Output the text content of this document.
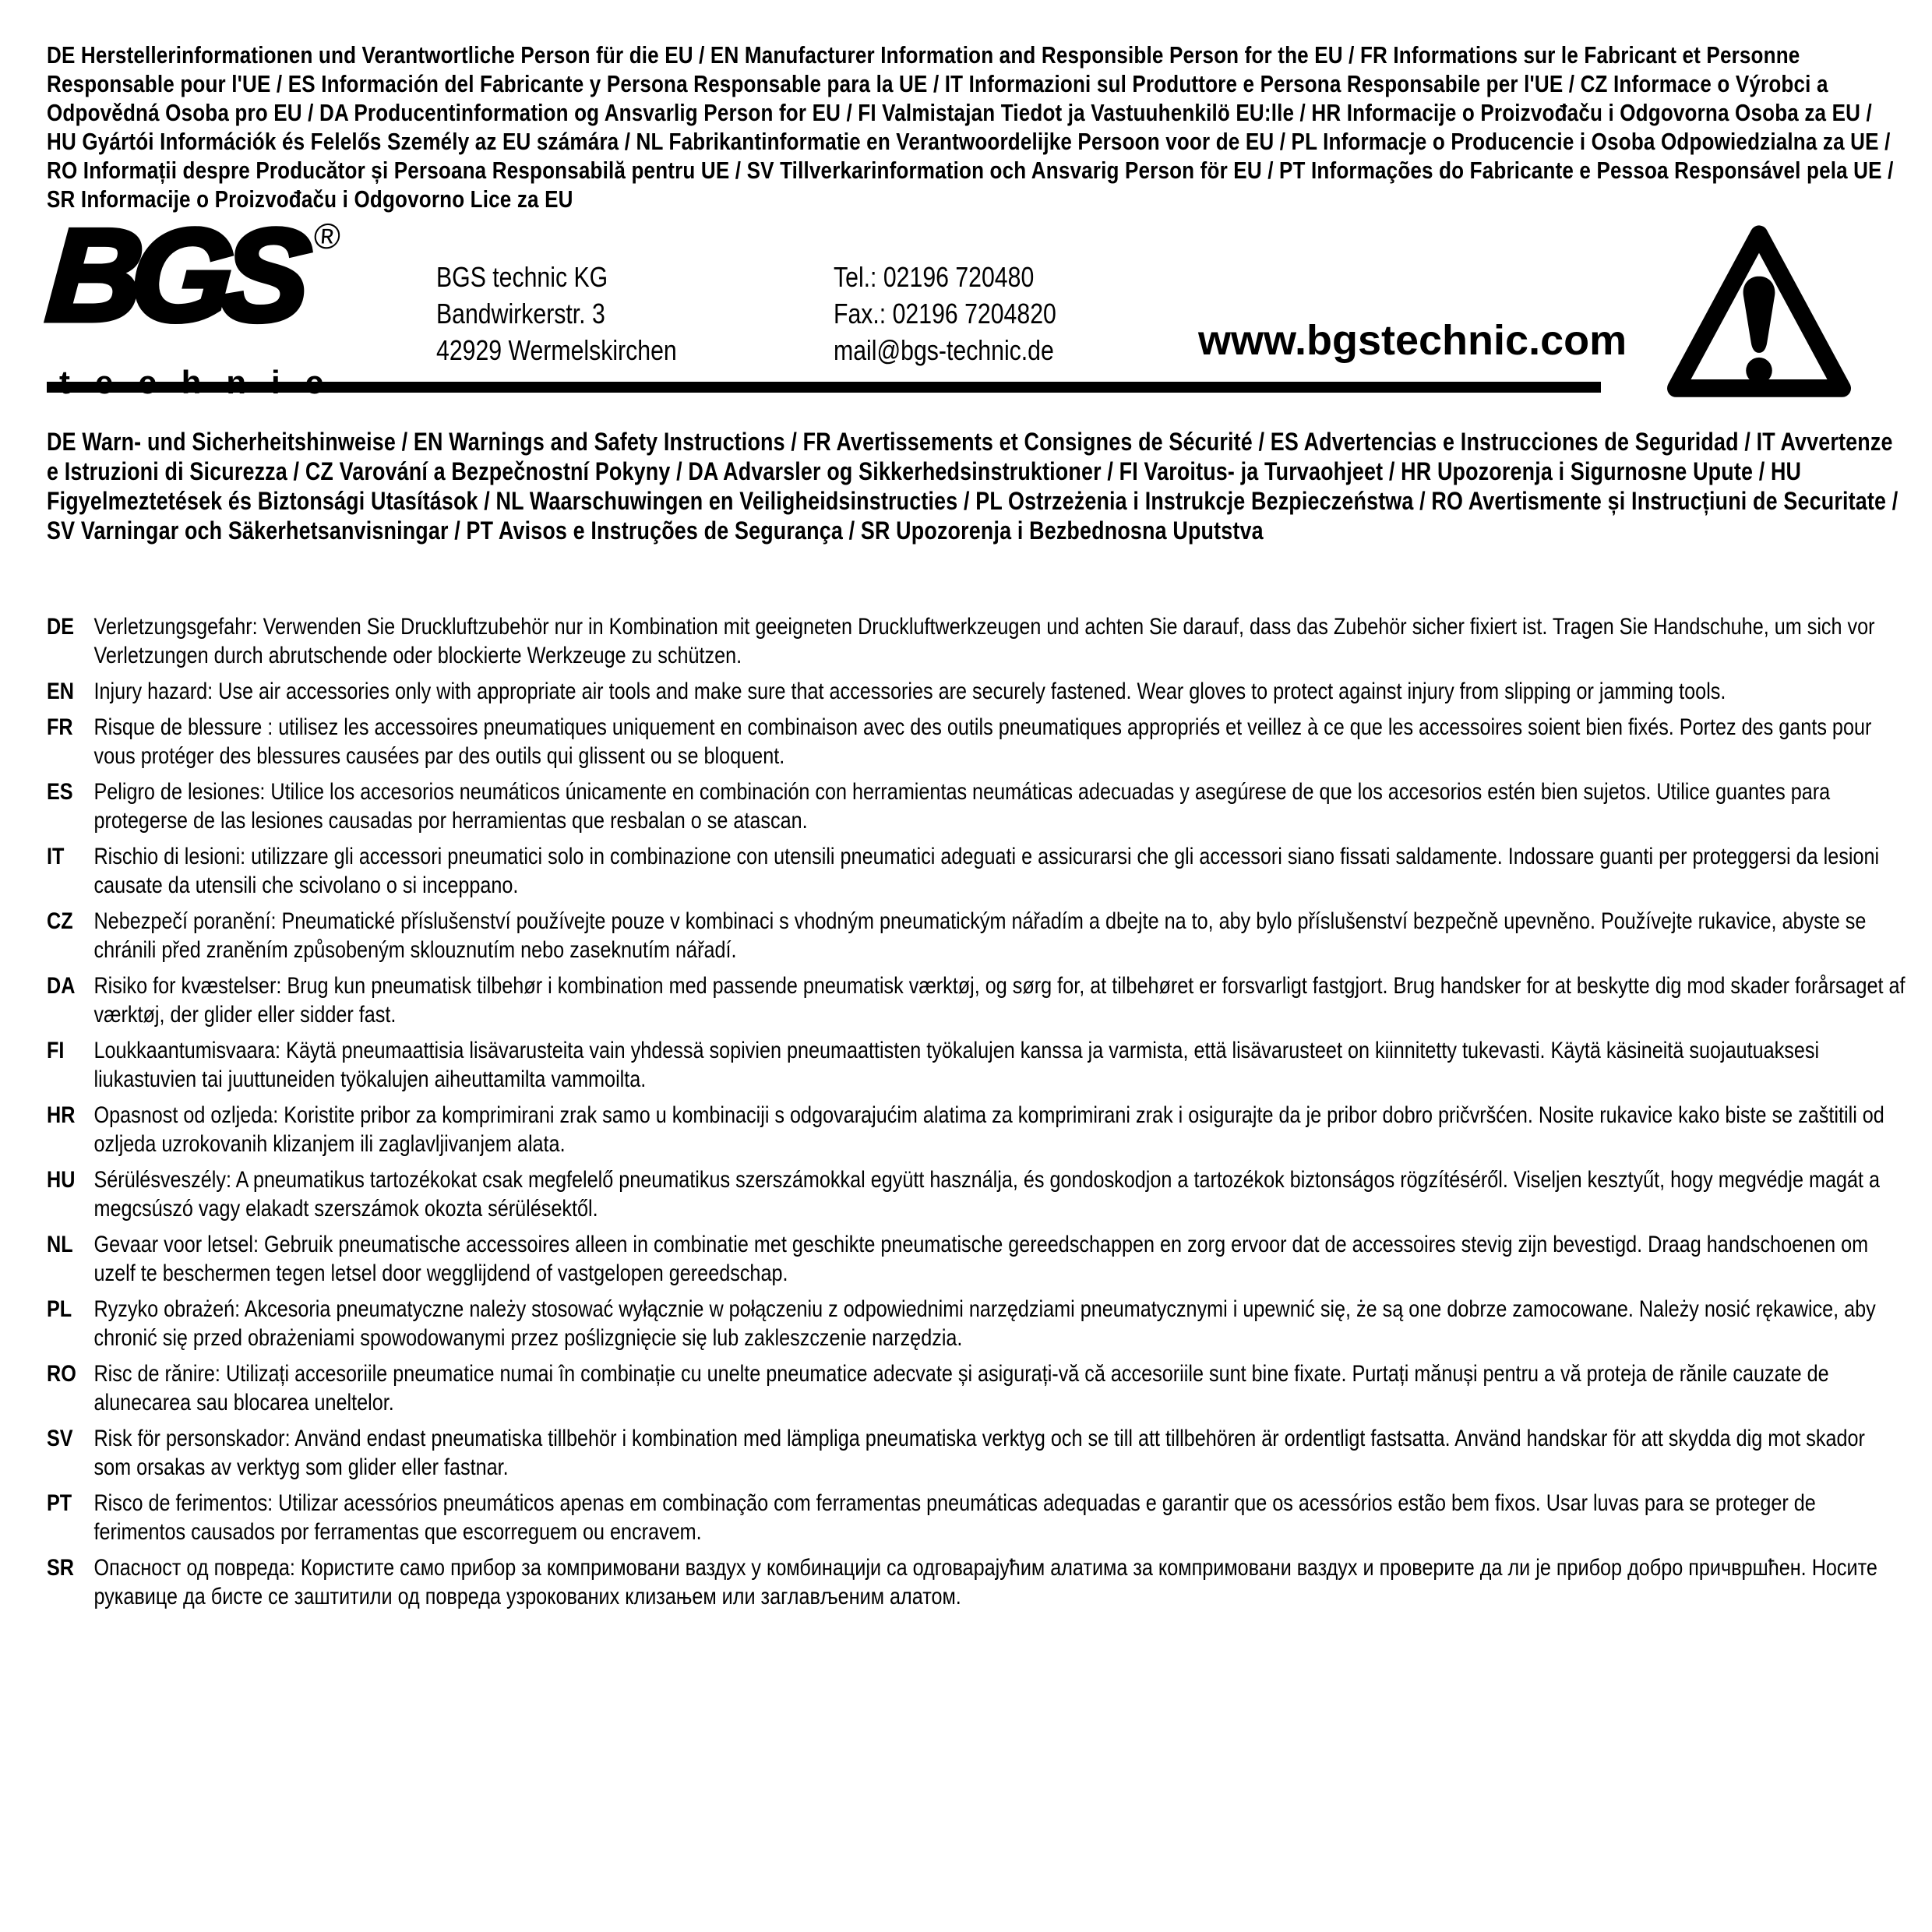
DE Herstellerinformationen und Verantwortliche Person für die EU / EN Manufacturer Information and Responsible Person for the EU / FR Informations sur le Fabricant et Personne Responsable pour l'UE / ES Información del Fabricante y Persona Responsable para la UE / IT Informazioni sul Produttore e Persona Responsabile per l'UE / CZ Informace o Výrobci a Odpovědná Osoba pro EU / DA Producentinformation og Ansvarlig Person for EU / FI Valmistajan Tiedot ja Vastuuhenkilö EU:lle / HR Informacije o Proizvođaču i Odgovorna Osoba za EU / HU Gyártói Információk és Felelős Személy az EU számára / NL Fabrikantinformatie en Verantwoordelijke Persoon voor de EU / PL Informacje o Producencie i Osoba Odpowiedzialna za UE / RO Informații despre Producător și Persoana Responsabilă pentru UE / SV Tillverkarinformation och Ansvarig Person för EU / PT Informações do Fabricante e Pessoa Responsável pela UE / SR Informacije o Proizvođaču i Odgovorno Lice za EU
BGS ®
BGS technic KG
Bandwirkerstr. 3
42929 Wermelskirchen
Tel.: 02196 720480
Fax.: 02196 7204820
mail@bgs-technic.de	www.bgstechnic.com
DE Warn- und Sicherheitshinweise / EN Warnings and Safety Instructions / FR Avertissements et Consignes de Sécurité / ES Advertencias e Instrucciones de Seguridad / IT Avvertenze e Istruzioni di Sicurezza / CZ Varování a Bezpečnostní Pokyny / DA Advarsler og Sikkerhedsinstruktioner / FI Varoitus- ja Turvaohjeet / HR Upozorenja i Sigurnosne Upute / HU Figyelmeztetések és Biztonsági Utasítások / NL Waarschuwingen en Veiligheidsinstructies / PL Ostrzeżenia i Instrukcje Bezpieczeństwa / RO Avertismente și Instrucțiuni de Securitate / SV Varningar och Säkerhetsanvisningar / PT Avisos e Instruções de Segurança / SR Upozorenja i Bezbednosna Uputstva
DE Verletzungsgefahr: Verwenden Sie Druckluftzubehör nur in Kombination mit geeigneten Druckluftwerkzeugen und achten Sie darauf, dass das Zubehör sicher fixiert ist. Tragen Sie Handschuhe, um sich vor Verletzungen durch abrutschende oder blockierte Werkzeuge zu schützen.
EN Injury hazard: Use air accessories only with appropriate air tools and make sure that accessories are securely fastened. Wear gloves to protect against injury from slipping or jamming tools.
FR Risque de blessure : utilisez les accessoires pneumatiques uniquement en combinaison avec des outils pneumatiques appropriés et veillez à ce que les accessoires soient bien fixés. Portez des gants pour vous protéger des blessures causées par des outils qui glissent ou se bloquent.
ES Peligro de lesiones: Utilice los accesorios neumáticos únicamente en combinación con herramientas neumáticas adecuadas y asegúrese de que los accesorios estén bien sujetos. Utilice guantes para protegerse de las lesiones causadas por herramientas que resbalan o se atascan.
IT	Rischio di lesioni: utilizzare gli accessori pneumatici solo in combinazione con utensili pneumatici adeguati e assicurarsi che gli accessori siano fissati saldamente. Indossare guanti per proteggersi da lesioni causate da utensili che scivolano o si inceppano.
CZ Nebezpečí poranění: Pneumatické příslušenství používejte pouze v kombinaci s vhodným pneumatickým nářadím a dbejte na to, aby bylo příslušenství bezpečně upevněno. Používejte rukavice, abyste se chránili před zraněním způsobeným sklouznutím nebo zaseknutím nářadí.
DA Risiko for kvæstelser: Brug kun pneumatisk tilbehør i kombination med passende pneumatisk værktøj, og sørg for, at tilbehøret er forsvarligt fastgjort. Brug handsker for at beskytte dig mod skader forårsaget af værktøj, der glider eller sidder fast.
FI	Loukkaantumisvaara: Käytä pneumaattisia lisävarusteita vain yhdessä sopivien pneumaattisten työkalujen kanssa ja varmista, että lisävarusteet on kiinnitetty tukevasti. Käytä käsineitä suojautuaksesi liukastuvien tai juuttuneiden työkalujen aiheuttamilta vammoilta.
HR Opasnost od ozljeda: Koristite pribor za komprimirani zrak samo u kombinaciji s odgovarajućim alatima za komprimirani zrak i osigurajte da je pribor dobro pričvršćen. Nosite rukavice kako biste se zaštitili od ozljeda uzrokovanih klizanjem ili zaglavljivanjem alata.
HU Sérülésveszély: A pneumatikus tartozékokat csak megfelelő pneumatikus szerszámokkal együtt használja, és gondoskodjon a tartozékok biztonságos rögzítéséről. Viseljen kesztyűt, hogy megvédje magát a megcsúszó vagy elakadt szerszámok okozta sérülésektől.
NL Gevaar voor letsel: Gebruik pneumatische accessoires alleen in combinatie met geschikte pneumatische gereedschappen en zorg ervoor dat de accessoires stevig zijn bevestigd. Draag handschoenen om uzelf te beschermen tegen letsel door wegglijdend of vastgelopen gereedschap.
PL Ryzyko obrażeń: Akcesoria pneumatyczne należy stosować wyłącznie w połączeniu z odpowiednimi narzędziami pneumatycznymi i upewnić się, że są one dobrze zamocowane. Należy nosić rękawice, aby chronić się przed obrażeniami spowodowanymi przez poślizgnięcie się lub zakleszczenie narzędzia.
RO Risc de rănire: Utilizați accesoriile pneumatice numai în combinație cu unelte pneumatice adecvate și asigurați-vă că accesoriile sunt bine fixate. Purtați mănuși pentru a vă proteja de rănile cauzate de alunecarea sau blocarea uneltelor.
SV Risk för personskador: Använd endast pneumatiska tillbehör i kombination med lämpliga pneumatiska verktyg och se till att tillbehören är ordentligt fastsatta. Använd handskar för att skydda dig mot skador som orsakas av verktyg som glider eller fastnar.
PT Risco de ferimentos: Utilizar acessórios pneumáticos apenas em combinação com ferramentas pneumáticas adequadas e garantir que os acessórios estão bem fixos. Usar luvas para se proteger de ferimentos causados por ferramentas que escorreguem ou encravem.
SR Опасност од повреда: Користите само прибор за компримовани ваздух у комбинацији са одговарајућим алатима за компримовани ваздух и проверите да ли је прибор добро причвршћен. Носите рукавице да бисте се заштитили од повреда узрокованих клизањем или заглављеним алатом.
